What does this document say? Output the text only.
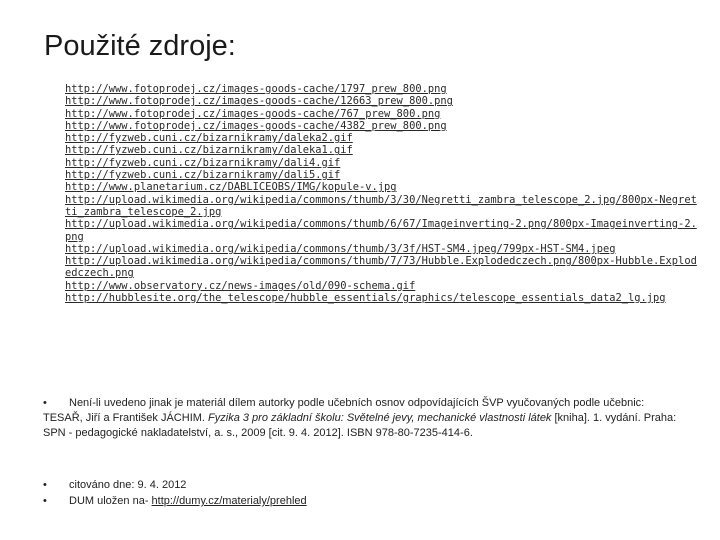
Použité zdroje:
http://www.fotoprodej.cz/images-goods-cache/1797_prew_800.png
http://www.fotoprodej.cz/images-goods-cache/12663_prew_800.png
http://www.fotoprodej.cz/images-goods-cache/767_prew_800.png
http://www.fotoprodej.cz/images-goods-cache/4382_prew_800.png
http://fyzweb.cuni.cz/bizarnikramy/daleka2.gif
http://fyzweb.cuni.cz/bizarnikramy/daleka1.gif
http://fyzweb.cuni.cz/bizarnikramy/dali4.gif
http://fyzweb.cuni.cz/bizarnikramy/dali5.gif
http://www.planetarium.cz/DABLICEOBS/IMG/kopule-v.jpg
http://upload.wikimedia.org/wikipedia/commons/thumb/3/30/Negretti_zambra_telescope_2.jpg/800px-Negretti_zambra_telescope_2.jpg
http://upload.wikimedia.org/wikipedia/commons/thumb/6/67/Imageinverting-2.png/800px-Imageinverting-2.png
http://upload.wikimedia.org/wikipedia/commons/thumb/3/3f/HST-SM4.jpeg/799px-HST-SM4.jpeg
http://upload.wikimedia.org/wikipedia/commons/thumb/7/73/Hubble.Explodedczech.png/800px-Hubble.Explodedczech.png
http://www.observatory.cz/news-images/old/090-schema.gif
http://hubblesite.org/the_telescope/hubble_essentials/graphics/telescope_essentials_data2_lg.jpg
• Není-li uvedeno jinak je materiál dílem autorky podle učebních osnov odpovídajících ŠVP vyučovaných podle učebnic:

TESAŘ, Jiří a František JÁCHIM. Fyzika 3 pro základní školu: Světelné jevy, mechanické vlastnosti látek [kniha]. 1. vydání. Praha: SPN - pedagogické nakladatelství, a. s., 2009 [cit. 9. 4. 2012]. ISBN 978-80-7235-414-6.

• citováno dne: 9. 4. 2012
• DUM uložen na- http://dumy.cz/materialy/prehled
